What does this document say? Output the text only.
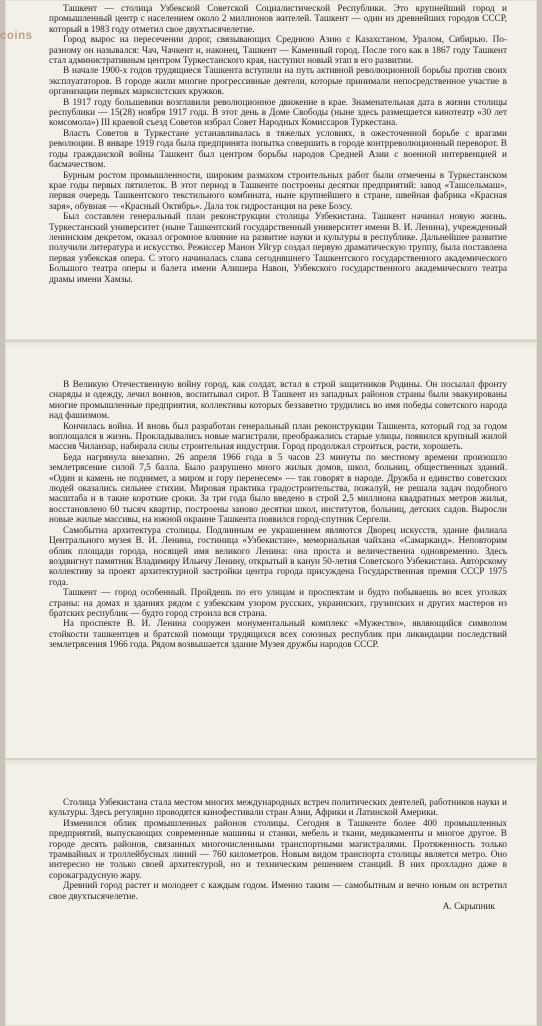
Ташкент — столица Узбекской Советской Социалистической Республики. Это крупнейший город и промышленный центр с населением около 2 миллионов жителей. Ташкент — один из древнейших городов СССР, который в 1983 году отметил свое двухтысячелетие.

Город вырос на пересечении дорог, связывающих Среднюю Азию с Казахстаном, Уралом, Сибирью. По-разному он назывался: Чач, Чачкент и, наконец, Ташкент — Каменный город. После того как в 1867 году Ташкент стал административным центром Туркестанского края, наступил новый этап в его развитии.

В начале 1900-х годов трудящиеся Ташкента вступили на путь активной революционной борьбы против своих эксплуататоров. В городе жили многие прогрессивные деятели, которые принимали непосредственное участие в организации первых марксистских кружков.

В 1917 году большевики возглавили революционное движение в крае. Знаменательная дата в жизни столицы республики — 15(28) ноября 1917 года. В этот день в Доме Свободы (ныне здесь размещается кинотеатр «30 лет комсомола») III краевой съезд Советов избрал Совет Народных Комиссаров Туркестана.

Власть Советов в Туркестане устанавливалась в тяжелых условиях, в ожесточенной борьбе с врагами революции. В январе 1919 года была предпринята попытка совершить в городе контрреволюционный переворот. В годы гражданской войны Ташкент был центром борьбы народов Средней Азии с военной интервенцией и басмачеством.

Бурным ростом промышленности, широким размахом строительных работ были отмечены в Туркестанском крае годы первых пятилеток. В этот период в Ташкенте построены десятки предприятий: завод «Ташсельмаш», первая очередь Ташкентского текстильного комбината, ныне крупнейшего в стране, швейная фабрика «Красная заря», обувная — «Красный Октябрь». Дала ток гидростанция на реке Бозсу.

Был составлен генеральный план реконструкции столицы Узбекистана. Ташкент начинал новую жизнь. Туркестанский университет (ныне Ташкентский государственный университет имени В. И. Ленина), учрежденный ленинским декретом, оказал огромное влияние на развитие науки и культуры в республике. Дальнейшее развитие получили литература и искусство. Режиссер Манон Уйгур создал первую драматическую труппу, была поставлена первая узбекская опера. С этого начиналась слава сегодняшнего Ташкентского государственного академического Большого театра оперы и балета имени Алишера Навои, Узбекского государственного академического театра драмы имени Хамзы.

В Великую Отечественную войну город, как солдат, встал в строй защитников Родины. Он посылал фронту снаряды и одежду, лечил воинов, воспитывал сирот. В Ташкент из западных районов страны были эвакуированы многие промышленные предприятия, коллективы которых беззаветно трудились во имя победы советского народа над фашизмом.

Кончилась война. И вновь был разработан генеральный план реконструкции Ташкента, который год за годом воплощался в жизнь. Прокладывались новые магистрали, преображались старые улицы, появился крупный жилой массив Чиланзар, набирала силы строительная индустрия. Город продолжал строиться, расти, хорошеть.

Беда нагрянула внезапно. 26 апреля 1966 года в 5 часов 23 минуты по местному времени произошло землетрясение силой 7,5 балла. Было разрушено много жилых домов, школ, больниц, общественных зданий. «Один и камень не поднимет, а миром и гору перенесем» — так говорят в народе. Дружба и единство советских людей оказались сильнее стихии. Мировая практика градостроительства, пожалуй, не решала задач подобного масштаба и в такие короткие сроки. За три года было введено в строй 2,5 миллиона квадратных метров жилья, восстановлено 60 тысяч квартир, построены заново десятки школ, институтов, больниц, детских садов. Выросли новые жилые массивы, на южной окраине Ташкента появился город-спутник Сергели.

Самобытна архитектура столицы. Подлинным ее украшением являются Дворец искусств, здание филиала Центрального музея В. И. Ленина, гостиница «Узбекистан», мемориальная чайхана «Самарканд». Неповторим облик площади города, носящей имя великого Ленина: она проста и величественна одновременно. Здесь воздвигнут памятник Владимиру Ильичу Ленину, открытый в канун 50-летия Советского Узбекистана. Авторскому коллективу за проект архитектурной застройки центра города присуждена Государственная премия СССР 1975 года.

Ташкент — город особенный. Пройдешь по его улицам и проспектам и будто побываешь во всех уголках страны: на домах и зданиях рядом с узбекским узором русских, украинских, грузинских и других мастеров из братских республик — будто город строила вся страна.

На проспекте В. И. Ленина сооружен монументальный комплекс «Мужество», являющийся символом стойкости ташкентцев и братской помощи трудящихся всех союзных республик при ликвидации последствий землетрясения 1966 года. Рядом возвышается здание Музея дружбы народов СССР.

Столица Узбекистана стала местом многих международных встреч политических деятелей, работников науки и культуры. Здесь регулярно проводятся кинофестивали стран Азии, Африки и Латинской Америки.

Изменился облик промышленных районов столицы. Сегодня в Ташкенте более 400 промышленных предприятий, выпускающих современные машины и станки, мебель и ткани, медикаменты и многое другое. В городе десять районов, связанных многочисленными транспортными магистралями. Протяженность только трамвайных и троллейбусных линий — 760 километров. Новым видом транспорта столицы является метро. Оно интересно не только своей архитектурой, но и техническим решением станций. В них прохладно даже в сорокаградусную жару.

Древний город растет и молодеет с каждым годом. Именно таким — самобытным и вечно юным он встретил свое двухтысячелетие.

А. Скрыпник

coins
